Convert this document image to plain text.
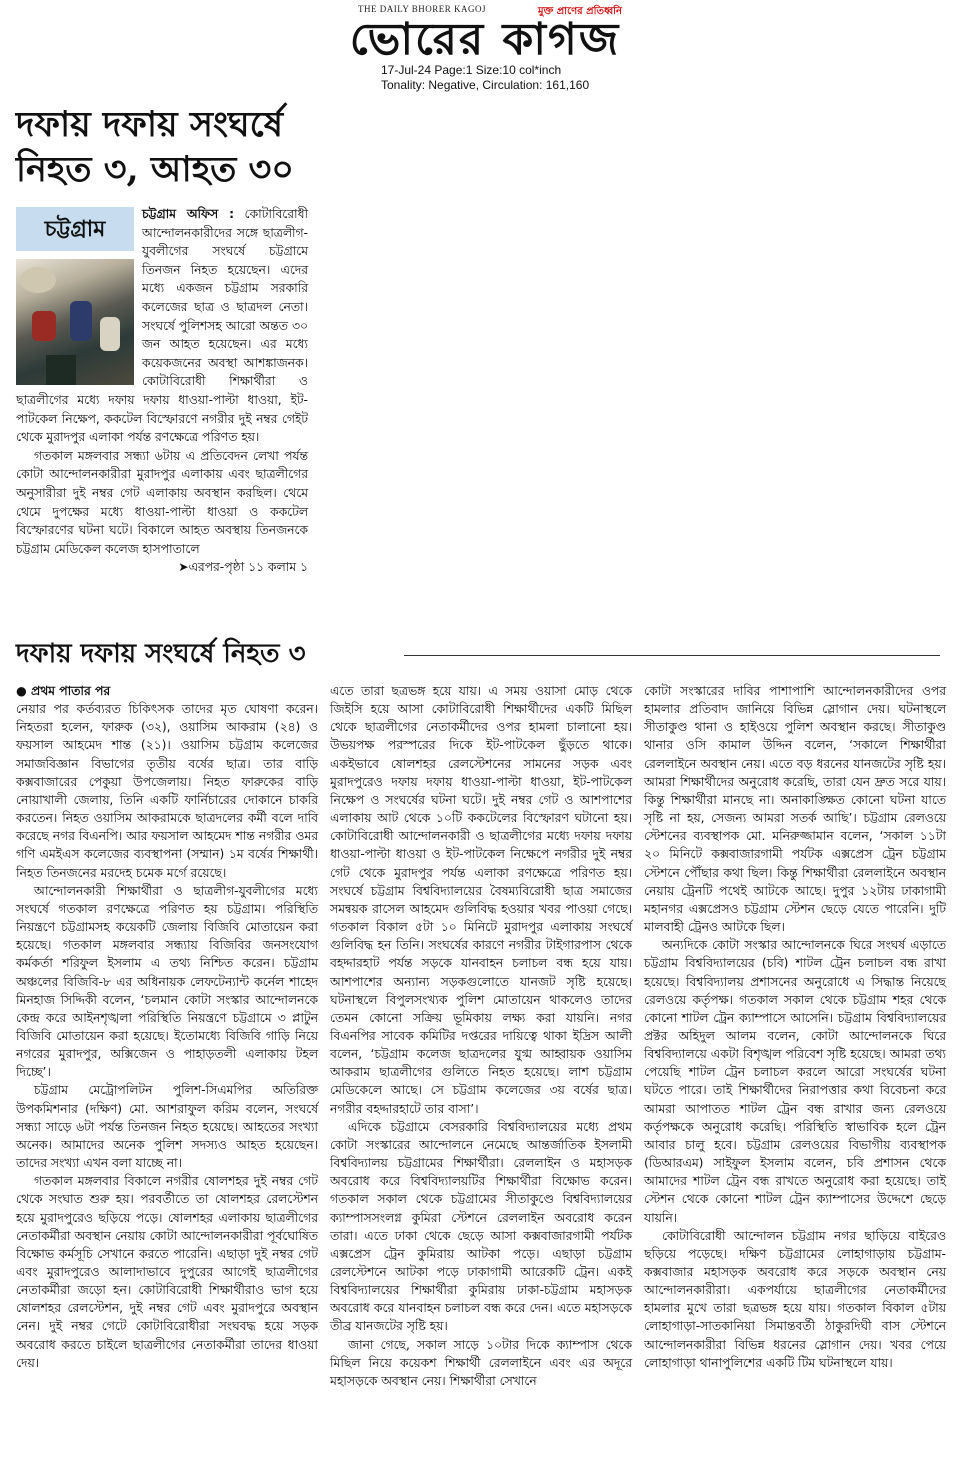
THE DAILY BHORER KAGOJ	মুক্ত প্রাণের প্রতিধ্বনি
ভোরের কাগজ
17-Jul-24 Page:1 Size:10 col*inch
Tonality: Negative, Circulation: 161,160
দফায় দফায় সংঘর্ষে
নিহত ৩, আহত ৩০
চট্টগ্রাম
চট্টগ্রাম অফিস : কোটাবিরোধী আন্দোলনকারীদের সঙ্গে ছাত্রলীগ-যুবলীগের সংঘর্ষে চট্টগ্রামে তিনজন নিহত হয়েছেন। এদের মধ্যে একজন চট্টগ্রাম সরকারি কলেজের ছাত্র ও ছাত্রদল নেতা। সংঘর্ষে পুলিশসহ আরো অন্তত ৩০ জন আহত হয়েছেন। এর মধ্যে কয়েকজনের অবস্থা আশঙ্কাজনক। কোটাবিরোধী শিক্ষার্থীরা ও ছাত্রলীগের মধ্যে দফায় দফায় ধাওয়া-পাল্টা ধাওয়া, ইট-পাটকেল নিক্ষেপ, ককটেল বিস্ফোরণে নগরীর দুই নম্বর গেইট থেকে মুরাদপুর এলাকা পর্যন্ত রণক্ষেত্রে পরিণত হয়।
গতকাল মঙ্গলবার সন্ধ্যা ৬টায় এ প্রতিবেদন লেখা পর্যন্ত কোটা আন্দোলনকারীরা মুরাদপুর এলাকায় এবং ছাত্রলীগের অনুসারীরা দুই নম্বর গেট এলাকায় অবস্থান করছিল। থেমে থেমে দুপক্ষের মধ্যে ধাওয়া-পাল্টা ধাওয়া ও ককটেল বিস্ফোরণের ঘটনা ঘটে। বিকালে আহত অবস্থায় তিনজনকে চট্টগ্রাম মেডিকেল কলেজ হাসপাতালে
➤এরপর-পৃষ্ঠা ১১ কলাম ১
দফায় দফায় সংঘর্ষে নিহত ৩

● প্রথম পাতার পর

নেয়ার পর কর্তব্যরত চিকিৎসক তাদের মৃত ঘোষণা করেন। নিহতরা হলেন, ফারুক (৩২), ওয়াসিম আকরাম (২৪) ও ফয়সাল আহমেদ শান্ত (২১)। ওয়াসিম চট্টগ্রাম কলেজের সমাজবিজ্ঞান বিভাগের তৃতীয় বর্ষের ছাত্র। তার বাড়ি কক্সবাজারের পেকুয়া উপজেলায়। নিহত ফারুকের বাড়ি নোয়াখালী জেলায়, তিনি একটি ফার্নিচারের দোকানে চাকরি করতেন। নিহত ওয়াসিম আকরামকে ছাত্রদলের কর্মী বলে দাবি করেছে নগর বিএনপি। আর ফয়সাল আহমেদ শান্ত নগরীর ওমর গণি এমইএস কলেজের ব্যবস্থাপনা (সম্মান) ১ম বর্ষের শিক্ষার্থী। নিহত তিনজনের মরদেহ চমেক মর্গে রয়েছে।

আন্দোলনকারী শিক্ষার্থীরা ও ছাত্রলীগ-যুবলীগের মধ্যে সংঘর্ষে গতকাল রণক্ষেত্রে পরিণত হয় চট্টগ্রাম। পরিস্থিতি নিয়ন্ত্রণে চট্টগ্রামসহ কয়েকটি জেলায় বিজিবি মোতায়েন করা হয়েছে। গতকাল মঙ্গলবার সন্ধ্যায় বিজিবির জনসংযোগ কর্মকর্তা শরিফুল ইসলাম এ তথ্য নিশ্চিত করেন। চট্টগ্রাম অঞ্চলের বিজিবি-৮ এর অধিনায়ক লেফটেন্যান্ট কর্নেল শাহেদ মিনহাজ সিদ্দিকী বলেন, ‘চলমান কোটা সংস্কার আন্দোলনকে কেন্দ্র করে আইনশৃঙ্খলা পরিস্থিতি নিয়ন্ত্রণে চট্টগ্রামে ৩ প্লাটুন বিজিবি মোতায়েন করা হয়েছে। ইতোমধ্যে বিজিবি গাড়ি নিয়ে নগরের মুরাদপুর, অক্সিজেন ও পাহাড়তলী এলাকায় টহল দিচ্ছে’।

চট্টগ্রাম মেট্রোপলিটন পুলিশ-সিএমপির অতিরিক্ত উপকমিশনার (দক্ষিণ) মো. আশরাফুল করিম বলেন, সংঘর্ষে সন্ধ্যা সাড়ে ৬টা পর্যন্ত তিনজন নিহত হয়েছে। আহতের সংখ্যা অনেক। আমাদের অনেক পুলিশ সদস্যও আহত হয়েছেন। তাদের সংখ্যা এখন বলা যাচ্ছে না।

গতকাল মঙ্গলবার বিকালে নগরীর ষোলশহর দুই নম্বর গেট থেকে সংঘাত শুরু হয়। পরবর্তীতে তা ষোলশহর রেলস্টেশন হয়ে মুরাদপুরেও ছড়িয়ে পড়ে। ষোলশহর এলাকায় ছাত্রলীগের নেতাকর্মীরা অবস্থান নেয়ায় কোটা আন্দোলনকারীরা পূর্বঘোষিত বিক্ষোভ কর্মসূচি সেখানে করতে পারেনি। এছাড়া দুই নম্বর গেট এবং মুরাদপুরেও আলাদাভাবে দুপুরের আগেই ছাত্রলীগের নেতাকর্মীরা জড়ো হন। কোটাবিরোধী শিক্ষার্থীরাও ভাগ হয়ে ষোলশহর রেলস্টেশন, দুই নম্বর গেট এবং মুরাদপুরে অবস্থান নেন। দুই নম্বর গেটে কোটাবিরোধীরা সংঘবদ্ধ হয়ে সড়ক অবরোধ করতে চাইলে ছাত্রলীগের নেতাকর্মীরা তাদের ধাওয়া দেয়।

এতে তারা ছত্রভঙ্গ হয়ে যায়। এ সময় ওয়াসা মোড় থেকে জিইসি হয়ে আসা কোটাবিরোধী শিক্ষার্থীদের একটি মিছিল থেকে ছাত্রলীগের নেতাকর্মীদের ওপর হামলা চালানো হয়। উভয়পক্ষ পরস্পরের দিকে ইট-পাটকেল ছুঁড়তে থাকে। একইভাবে ষোলশহর রেলস্টেশনের সামনের সড়ক এবং মুরাদপুরেও দফায় দফায় ধাওয়া-পাল্টা ধাওয়া, ইট-পাটকেল নিক্ষেপ ও সংঘর্ষের ঘটনা ঘটে। দুই নম্বর গেট ও আশপাশের এলাকায় আট থেকে ১০টি ককটেলের বিস্ফোরণ ঘটানো হয়। কোটাবিরোধী আন্দোলনকারী ও ছাত্রলীগের মধ্যে দফায় দফায় ধাওয়া-পাল্টা ধাওয়া ও ইট-পাটকেল নিক্ষেপে নগরীর দুই নম্বর গেট থেকে মুরাদপুর পর্যন্ত এলাকা রণক্ষেত্রে পরিণত হয়। সংঘর্ষে চট্টগ্রাম বিশ্ববিদ্যালয়ের বৈষম্যবিরোধী ছাত্র সমাজের সমন্বয়ক রাসেল আহমেদ গুলিবিদ্ধ হওয়ার খবর পাওয়া গেছে। গতকাল বিকাল ৫টা ১০ মিনিটে মুরাদপুর এলাকায় সংঘর্ষে গুলিবিদ্ধ হন তিনি। সংঘর্ষের কারণে নগরীর টাইগারপাস থেকে বহদ্দারহাট পর্যন্ত সড়কে যানবাহন চলাচল বন্ধ হয়ে যায়। আশপাশের অন্যান্য সড়কগুলোতে যানজট সৃষ্টি হয়েছে। ঘটনাস্থলে বিপুলসংখ্যক পুলিশ মোতায়েন থাকলেও তাদের তেমন কোনো সক্রিয় ভূমিকায় লক্ষ্য করা যায়নি। নগর বিএনপির সাবেক কমিটির দপ্তরের দায়িত্বে থাকা ইদ্রিস আলী বলেন, ‘চট্টগ্রাম কলেজ ছাত্রদলের যুগ্ম আহ্বায়ক ওয়াসিম আকরাম ছাত্রলীগের গুলিতে নিহত হয়েছে। লাশ চট্টগ্রাম মেডিকেলে আছে। সে চট্টগ্রাম কলেজের ৩য় বর্ষের ছাত্র। নগরীর বহদ্দারহাটে তার বাসা’।

এদিকে চট্টগ্রামে বেসরকারি বিশ্ববিদ্যালয়ের মধ্যে প্রথম কোটা সংস্কারের আন্দোলনে নেমেছে আন্তর্জাতিক ইসলামী বিশ্ববিদ্যালয় চট্টগ্রামের শিক্ষার্থীরা। রেললাইন ও মহাসড়ক অবরোধ করে বিশ্ববিদ্যালয়টির শিক্ষার্থীরা বিক্ষোভ করেন। গতকাল সকাল থেকে চট্টগ্রামের সীতাকুণ্ডে বিশ্ববিদ্যালয়ের ক্যাম্পাসসংলগ্ন কুমিরা স্টেশনে রেললাইন অবরোধ করেন তারা। এতে ঢাকা থেকে ছেড়ে আসা কক্সবাজারগামী পর্যটক এক্সপ্রেস ট্রেন কুমিরায় আটকা পড়ে। এছাড়া চট্টগ্রাম রেলস্টেশনে আটকা পড়ে ঢাকাগামী আরেকটি ট্রেন। একই বিশ্ববিদ্যালয়ের শিক্ষার্থীরা কুমিরায় ঢাকা-চট্টগ্রাম মহাসড়ক অবরোধ করে যানবাহন চলাচল বন্ধ করে দেন। এতে মহাসড়কে তীব্র যানজটের সৃষ্টি হয়।

জানা গেছে, সকাল সাড়ে ১০টার দিকে ক্যাম্পাস থেকে মিছিল নিয়ে কয়েকশ শিক্ষার্থী রেললাইনে এবং এর অদূরে মহাসড়কে অবস্থান নেয়। শিক্ষার্থীরা সেখানে

কোটা সংস্কারের দাবির পাশাপাশি আন্দোলনকারীদের ওপর হামলার প্রতিবাদ জানিয়ে বিভিন্ন স্লোগান দেয়। ঘটনাস্থলে সীতাকুণ্ড থানা ও হাইওয়ে পুলিশ অবস্থান করছে। সীতাকুণ্ড থানার ওসি কামাল উদ্দিন বলেন, ‘সকালে শিক্ষার্থীরা রেললাইনে অবস্থান নেয়। এতে বড় ধরনের যানজটের সৃষ্টি হয়। আমরা শিক্ষার্থীদের অনুরোধ করেছি, তারা যেন দ্রুত সরে যায়। কিন্তু শিক্ষার্থীরা মানছে না। অনাকাঙ্ক্ষিত কোনো ঘটনা যাতে সৃষ্টি না হয়, সেজন্য আমরা সতর্ক আছি’। চট্টগ্রাম রেলওয়ে স্টেশনের ব্যবস্থাপক মো. মনিরুজ্জামান বলেন, ‘সকাল ১১টা ২০ মিনিটে কক্সবাজারগামী পর্যটক এক্সপ্রেস ট্রেন চট্টগ্রাম স্টেশনে পৌঁছার কথা ছিল। কিন্তু শিক্ষার্থীরা রেললাইনে অবস্থান নেয়ায় ট্রেনটি পথেই আটকে আছে। দুপুর ১২টায় ঢাকাগামী মহানগর এক্সপ্রেসও চট্টগ্রাম স্টেশন ছেড়ে যেতে পারেনি। দুটি মালবাহী ট্রেনও আটকে ছিল।

অন্যদিকে কোটা সংস্কার আন্দোলনকে ঘিরে সংঘর্ষ এড়াতে চট্টগ্রাম বিশ্ববিদ্যালয়ের (চবি) শাটল ট্রেন চলাচল বন্ধ রাখা হয়েছে। বিশ্ববিদ্যালয় প্রশাসনের অনুরোধে এ সিদ্ধান্ত নিয়েছে রেলওয়ে কর্তৃপক্ষ। গতকাল সকাল থেকে চট্টগ্রাম শহর থেকে কোনো শাটল ট্রেন ক্যাম্পাসে আসেনি। চট্টগ্রাম বিশ্ববিদ্যালয়ের প্রক্টর অহিদুল আলম বলেন, কোটা আন্দোলনকে ঘিরে বিশ্ববিদ্যালয়ে একটা বিশৃঙ্খল পরিবেশ সৃষ্টি হয়েছে। আমরা তথ্য পেয়েছি শাটল ট্রেন চলাচল করলে আরো সংঘর্ষের ঘটনা ঘটতে পারে। তাই শিক্ষার্থীদের নিরাপত্তার কথা বিবেচনা করে আমরা আপাতত শাটল ট্রেন বন্ধ রাখার জন্য রেলওয়ে কর্তৃপক্ষকে অনুরোধ করেছি। পরিস্থিতি স্বাভাবিক হলে ট্রেন আবার চালু হবে। চট্টগ্রাম রেলওয়ের বিভাগীয় ব্যবস্থাপক (ডিআরএম) সাইফুল ইসলাম বলেন, চবি প্রশাসন থেকে আমাদের শাটল ট্রেন বন্ধ রাখতে অনুরোধ করা হয়েছে। তাই স্টেশন থেকে কোনো শাটল ট্রেন ক্যাম্পাসের উদ্দেশে ছেড়ে যায়নি।

কোটাবিরোধী আন্দোলন চট্টগ্রাম নগর ছাড়িয়ে বাইরেও ছড়িয়ে পড়েছে। দক্ষিণ চট্টগ্রামের লোহাগাড়ায় চট্টগ্রাম-কক্সবাজার মহাসড়ক অবরোধ করে সড়কে অবস্থান নেয় আন্দোলনকারীরা। একপর্যায়ে ছাত্রলীগের নেতাকর্মীদের হামলার মুখে তারা ছত্রভঙ্গ হয়ে যায়। গতকাল বিকাল ৫টায় লোহাগাড়া-সাতকানিয়া সিমান্তবর্তী ঠাকুরদিঘী বাস স্টেশনে আন্দোলনকারীরা বিভিন্ন ধরনের স্লোগান দেয়। খবর পেয়ে লোহাগাড়া থানাপুলিশের একটি টিম ঘটনাস্থলে যায়।
